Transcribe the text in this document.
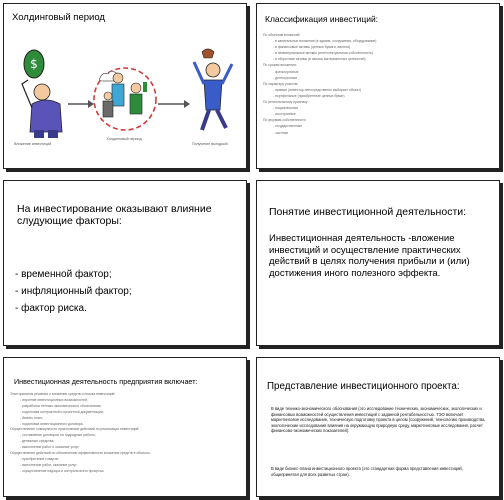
Холдинговый период
$
Вложение инвестиций
Холдинговый период
Получение выгодыой
Классификация инвестиций:
По объектам вложений
- в капитальные вложения (в здания, сооружения, оборудование)
- в финансовые активы (ценные бумаги, валюта)
- в нематериальные активы (интеллектуальная собственность)
- в оборотные активы (в запасы материальных ценностей)
По срокам вложения:
- краткосрочные
- долгосрочные
По характеру участия:
- прямые (инвестор непосредственно выбирает объект)
- портфельные (приобретение ценных бумаг)
По региональному признаку:
- национальные
- иностранные
По формам собственности:
- государственные
- частные
На инвестирование оказывают влияние слудующие факторы:
- временной фактор;
- инфляционный фактор;
- фактор риска.
Понятие инвестиционной деятельности:
Инвестиционная деятельность -вложение инвестиций и осуществление практических действий в целях получения прибыли и (или) достижения иного полезного эффекта.
Инвестиционная деятельность предприятия включает:
Этап принятия решения о вложении средств и поиска инвестиций:
- изучение инвестиционных возможностей;
- разработка технико-экономического обоснования;
- подготовка контрактной и проектной документации;
- бизнес-план;
- подготовка инвестиционного договора.
Осуществление совокупности практических действий по реализации инвестиций:
- составление договоров на подрядные работы;
- денежные средства;
- выполнение работ и оказание услуг.
Осуществление действий по обеспечению эффективности вложения средств в объекты:
- приобретение товаров;
- выполнение работ, оказание услуг;
- осуществление надзора и контроля всего процесса.
Представление инвестиционного проекта:
В виде технико-экономического обоснования (это исследование технических, экономических, экологических и финансовых возможностей осуществления инвестиций с заданной рентабельностью. ТЭО включает маркетинговое исследование, техническую подготовку проекта в целом (сооружений, технологию производства, экологические исследования влияния на окружающую природную среду, маркетинговые исследования, расчет финансово-экономических показателей).
В виде бизнес-плана инвестиционного проекта (это стандартная форма представления инвестиций, общепринятая для всех развитых стран).
